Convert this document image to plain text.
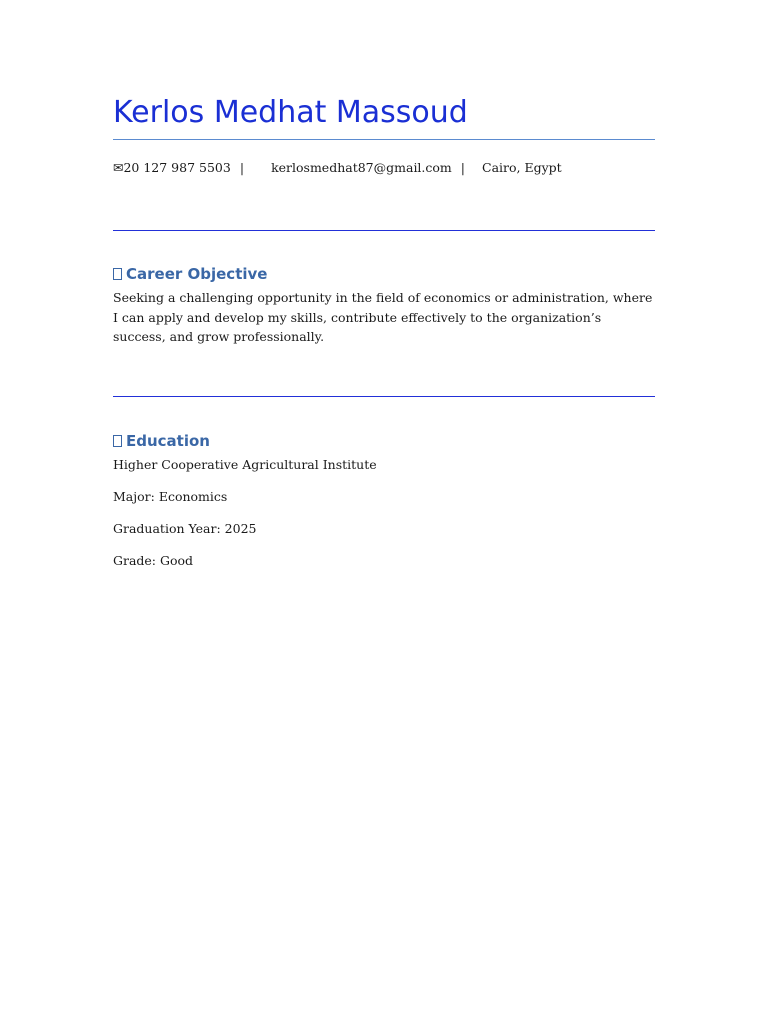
Kerlos Medhat Massoud
✉20 127 987 5503 | kerlosmedhat87@gmail.com | Cairo, Egypt
Career Objective

Seeking a challenging opportunity in the field of economics or administration, where I can apply and develop my skills, contribute effectively to the organization’s success, and grow professionally.

Education

Higher Cooperative Agricultural Institute

Major: Economics

Graduation Year: 2025

Grade: Good
